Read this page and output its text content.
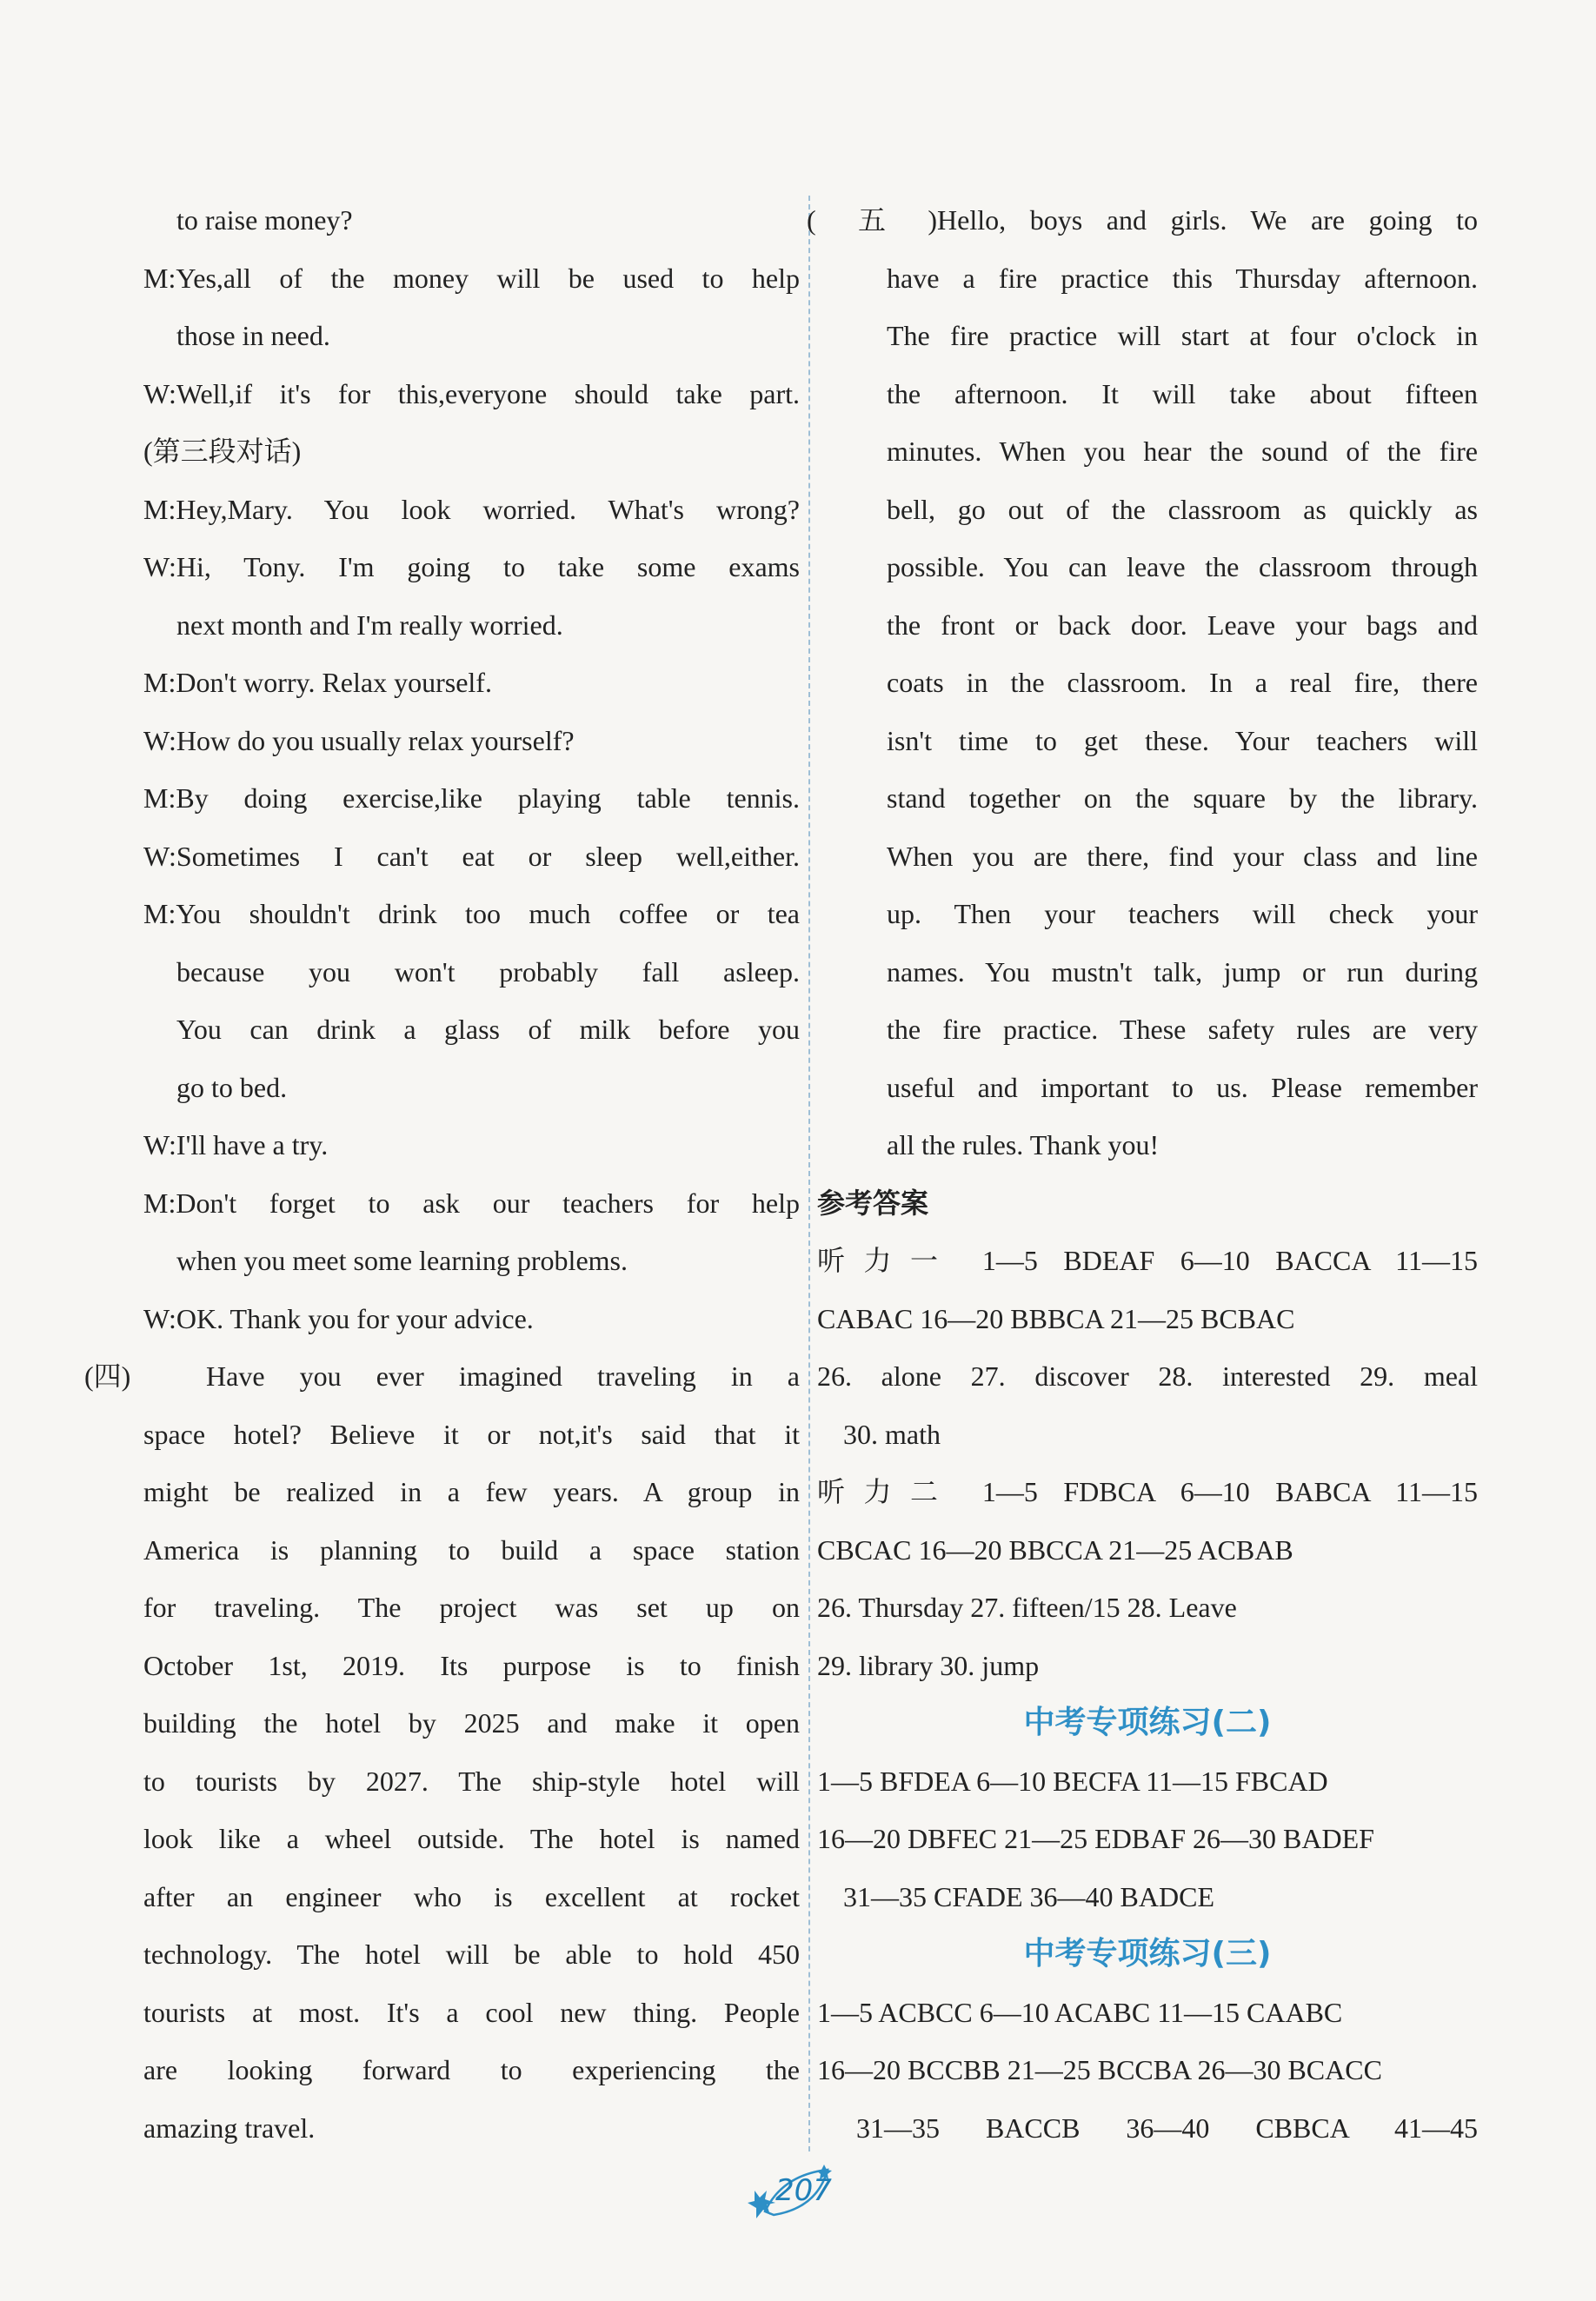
to raise money?
M:Yes,all of the money will be used to help
those in need.
W:Well,if it's for this,everyone should take part.
(第三段对话)
M:Hey,Mary. You look worried. What's wrong?
W:Hi, Tony. I'm going to take some exams
next month and I'm really worried.
M:Don't worry. Relax yourself.
W:How do you usually relax yourself?
M:By doing exercise,like playing table tennis.
W:Sometimes I can't eat or sleep well,either.
M:You shouldn't drink too much coffee or tea
because you won't probably fall asleep.
You can drink a glass of milk before you
go to bed.
W:I'll have a try.
M:Don't forget to ask our teachers for help
when you meet some learning problems.
W:OK. Thank you for your advice.
(四)	Have you ever imagined traveling in a
space hotel? Believe it or not,it's said that it
might be realized in a few years. A group in
America is planning to build a space station
for traveling. The project was set up on
October 1st, 2019. Its purpose is to finish
building the hotel by 2025 and make it open
to tourists by 2027. The ship-style hotel will
look like a wheel outside. The hotel is named
after an engineer who is excellent at rocket
technology. The hotel will be able to hold 450
tourists at most. It's a cool new thing. People
are looking forward to experiencing the
amazing travel.
(五)Hello, boys and girls. We are going to
have a fire practice this Thursday afternoon.
The fire practice will start at four o'clock in
the afternoon. It will take about fifteen
minutes. When you hear the sound of the fire
bell, go out of the classroom as quickly as
possible. You can leave the classroom through
the front or back door. Leave your bags and
coats in the classroom. In a real fire, there
isn't time to get these. Your teachers will
stand together on the square by the library.
When you are there, find your class and line
up. Then your teachers will check your
names. You mustn't talk, jump or run during
the fire practice. These safety rules are very
useful and important to us. Please remember
all the rules. Thank you!
参考答案
听力一 1—5 BDEAF 6—10 BACCA 11—15
CABAC 16—20 BBBCA 21—25 BCBAC
26. alone 27. discover 28. interested 29. meal
30. math
听力二 1—5 FDBCA 6—10 BABCA 11—15
CBCAC 16—20 BBCCA 21—25 ACBAB
26. Thursday 27. fifteen/15 28. Leave
29. library 30. jump
中考专项练习(二)
1—5 BFDEA 6—10 BECFA 11—15 FBCAD
16—20 DBFEC 21—25 EDBAF 26—30 BADEF
31—35 CFADE 36—40 BADCE
中考专项练习(三)
1—5 ACBCC 6—10 ACABC 11—15 CAABC
16—20 BCCBB 21—25 BCCBA 26—30 BCACC
31—35 BACCB 36—40 CBBCA 41—45
207
